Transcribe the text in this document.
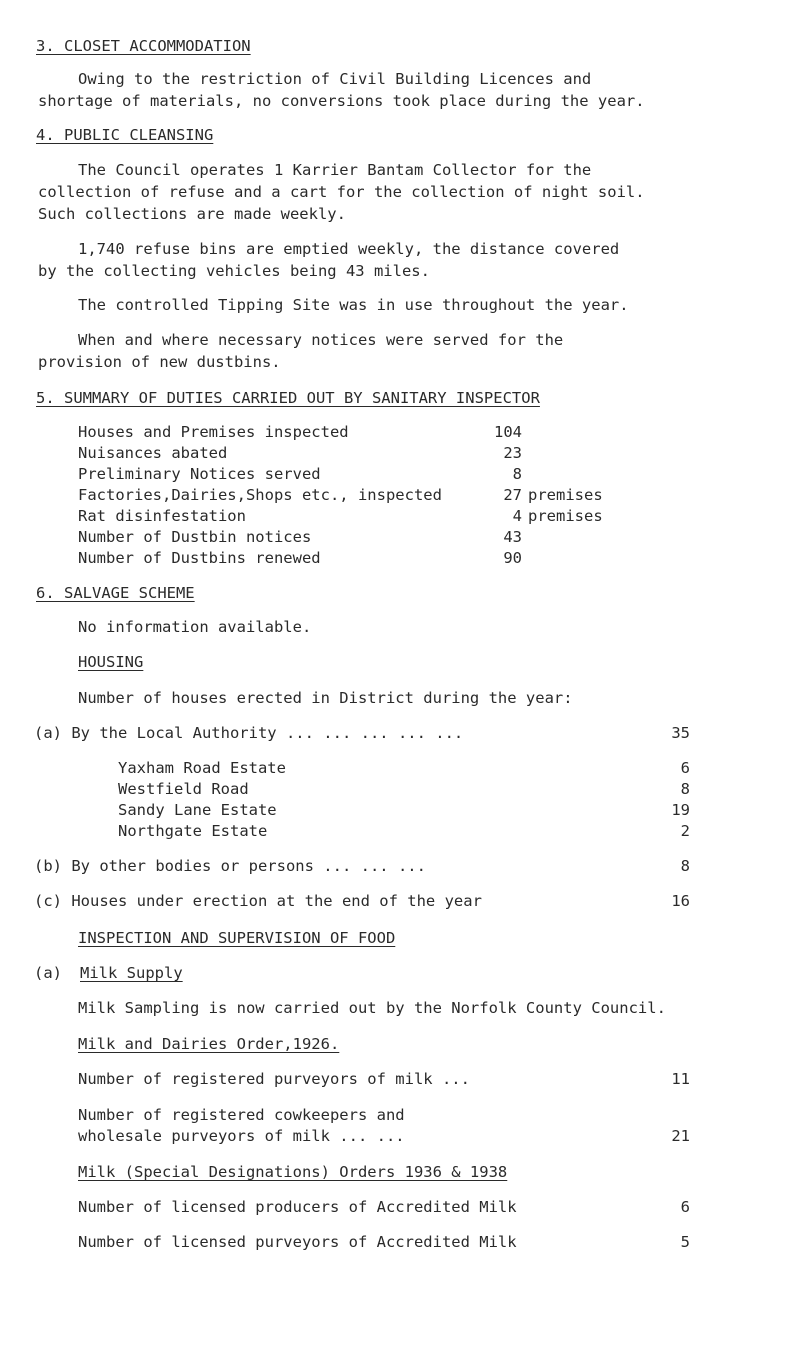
3. CLOSET ACCOMMODATION
Owing to the restriction of Civil Building Licences and
shortage of materials, no conversions took place during the year.
4. PUBLIC CLEANSING
The Council operates 1 Karrier Bantam Collector for the
collection of refuse and a cart for the collection of night soil.
Such collections are made weekly.
1,740 refuse bins are emptied weekly, the distance covered
by the collecting vehicles being 43 miles.
The controlled Tipping Site was in use throughout the year.
When and where necessary notices were served for the
provision of new dustbins.
5. SUMMARY OF DUTIES CARRIED OUT BY SANITARY INSPECTOR
Houses and Premises inspected	104
Nuisances abated	23
Preliminary Notices served	8
Factories,Dairies,Shops etc., inspected	27 premises
Rat disinfestation	4 premises
Number of Dustbin notices	43
Number of Dustbins renewed	90
6. SALVAGE SCHEME
No information available.
HOUSING
Number of houses erected in District during the year:
(a) By the Local Authority ... ... ... ... ...	35
Yaxham Road Estate	6
Westfield Road	8
Sandy Lane Estate	19
Northgate Estate	2
(b) By other bodies or persons ... ... ...	8
(c) Houses under erection at the end of the year	16
INSPECTION AND SUPERVISION OF FOOD
(a) Milk Supply
Milk Sampling is now carried out by the Norfolk County Council.
Milk and Dairies Order,1926.
Number of registered purveyors of milk ...	11
Number of registered cowkeepers and
wholesale purveyors of milk ... ...	21
Milk (Special Designations) Orders 1936 & 1938
Number of licensed producers of Accredited Milk	6
Number of licensed purveyors of Accredited Milk	5
